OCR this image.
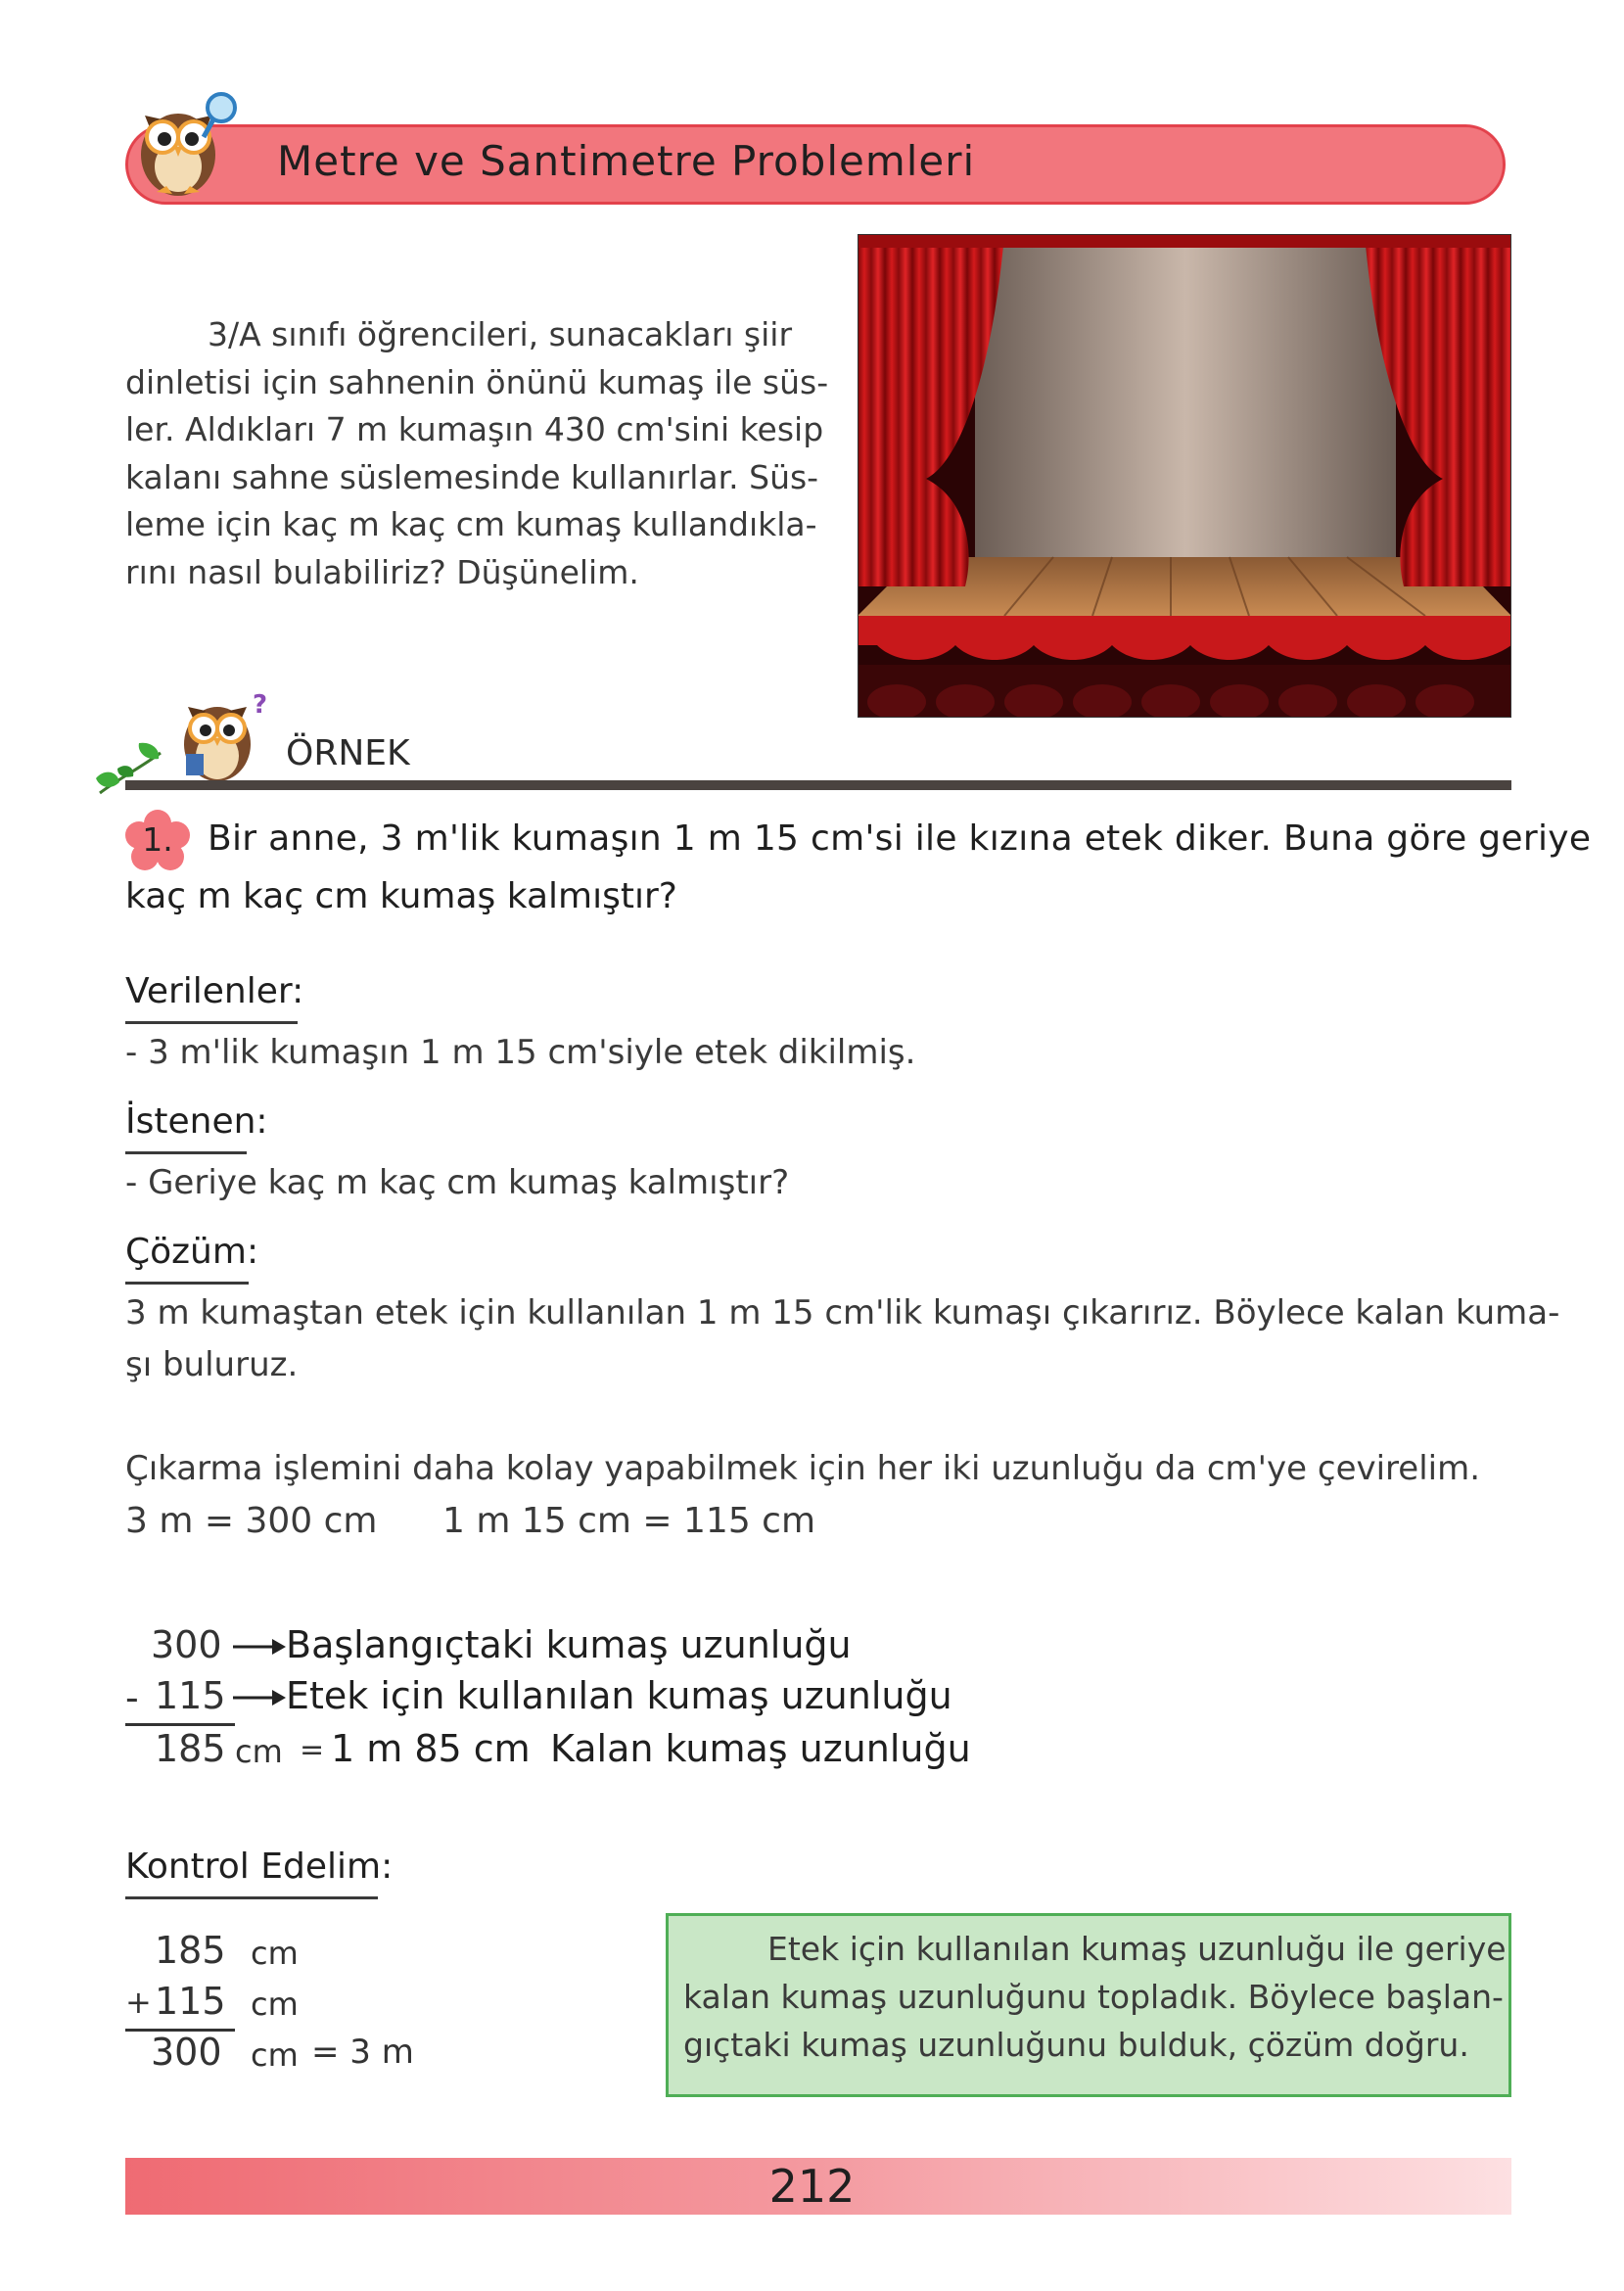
Metre ve Santimetre Problemleri
3/A sınıfı öğrencileri, sunacakları şiir
dinletisi için sahnenin önünü kumaş ile süs-
ler. Aldıkları 7 m kumaşın 430 cm'sini kesip
kalanı sahne süslemesinde kullanırlar. Süs-
leme için kaç m kaç cm kumaş kullandıkla-
rını nasıl bulabiliriz? Düşünelim.
?
ÖRNEK
1. Bir anne, 3 m'lik kumaşın 1 m 15 cm'si ile kızına etek diker. Buna göre geriye
kaç m kaç cm kumaş kalmıştır?
Verilenler:
- 3 m'lik kumaşın 1 m 15 cm'siyle etek dikilmiş.
İstenen:
- Geriye kaç m kaç cm kumaş kalmıştır?
Çözüm:
3 m kumaştan etek için kullanılan 1 m 15 cm'lik kumaşı çıkarırız. Böylece kalan kuma-
şı buluruz.
Çıkarma işlemini daha kolay yapabilmek için her iki uzunluğu da cm'ye çevirelim.
3 m = 300 cm 1 m 15 cm = 115 cm
300 Başlangıçtaki kumaş uzunluğu
- 115 Etek için kullanılan kumaş uzunluğu
185 cm = 1 m 85 cm Kalan kumaş uzunluğu
Kontrol Edelim:
185 cm
+ 115 cm
300 cm = 3 m
Etek için kullanılan kumaş uzunluğu ile geriye
kalan kumaş uzunluğunu topladık. Böylece başlan-
gıçtaki kumaş uzunluğunu bulduk, çözüm doğru.
212
